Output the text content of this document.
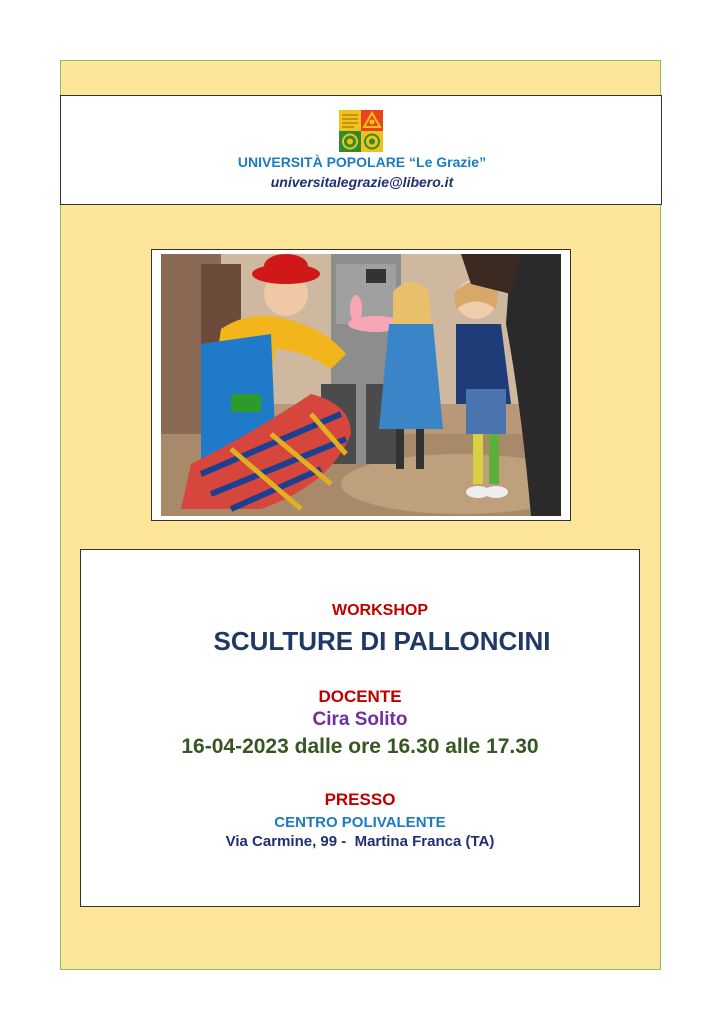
UNIVERSITÀ POPOLARE “Le Grazie”
universitalegrazie@libero.it
WORKSHOP
SCULTURE DI PALLONCINI
DOCENTE
Cira Solito
16-04-2023 dalle ore 16.30 alle 17.30
PRESSO
CENTRO POLIVALENTE
Via Carmine, 99 -  Martina Franca (TA)
